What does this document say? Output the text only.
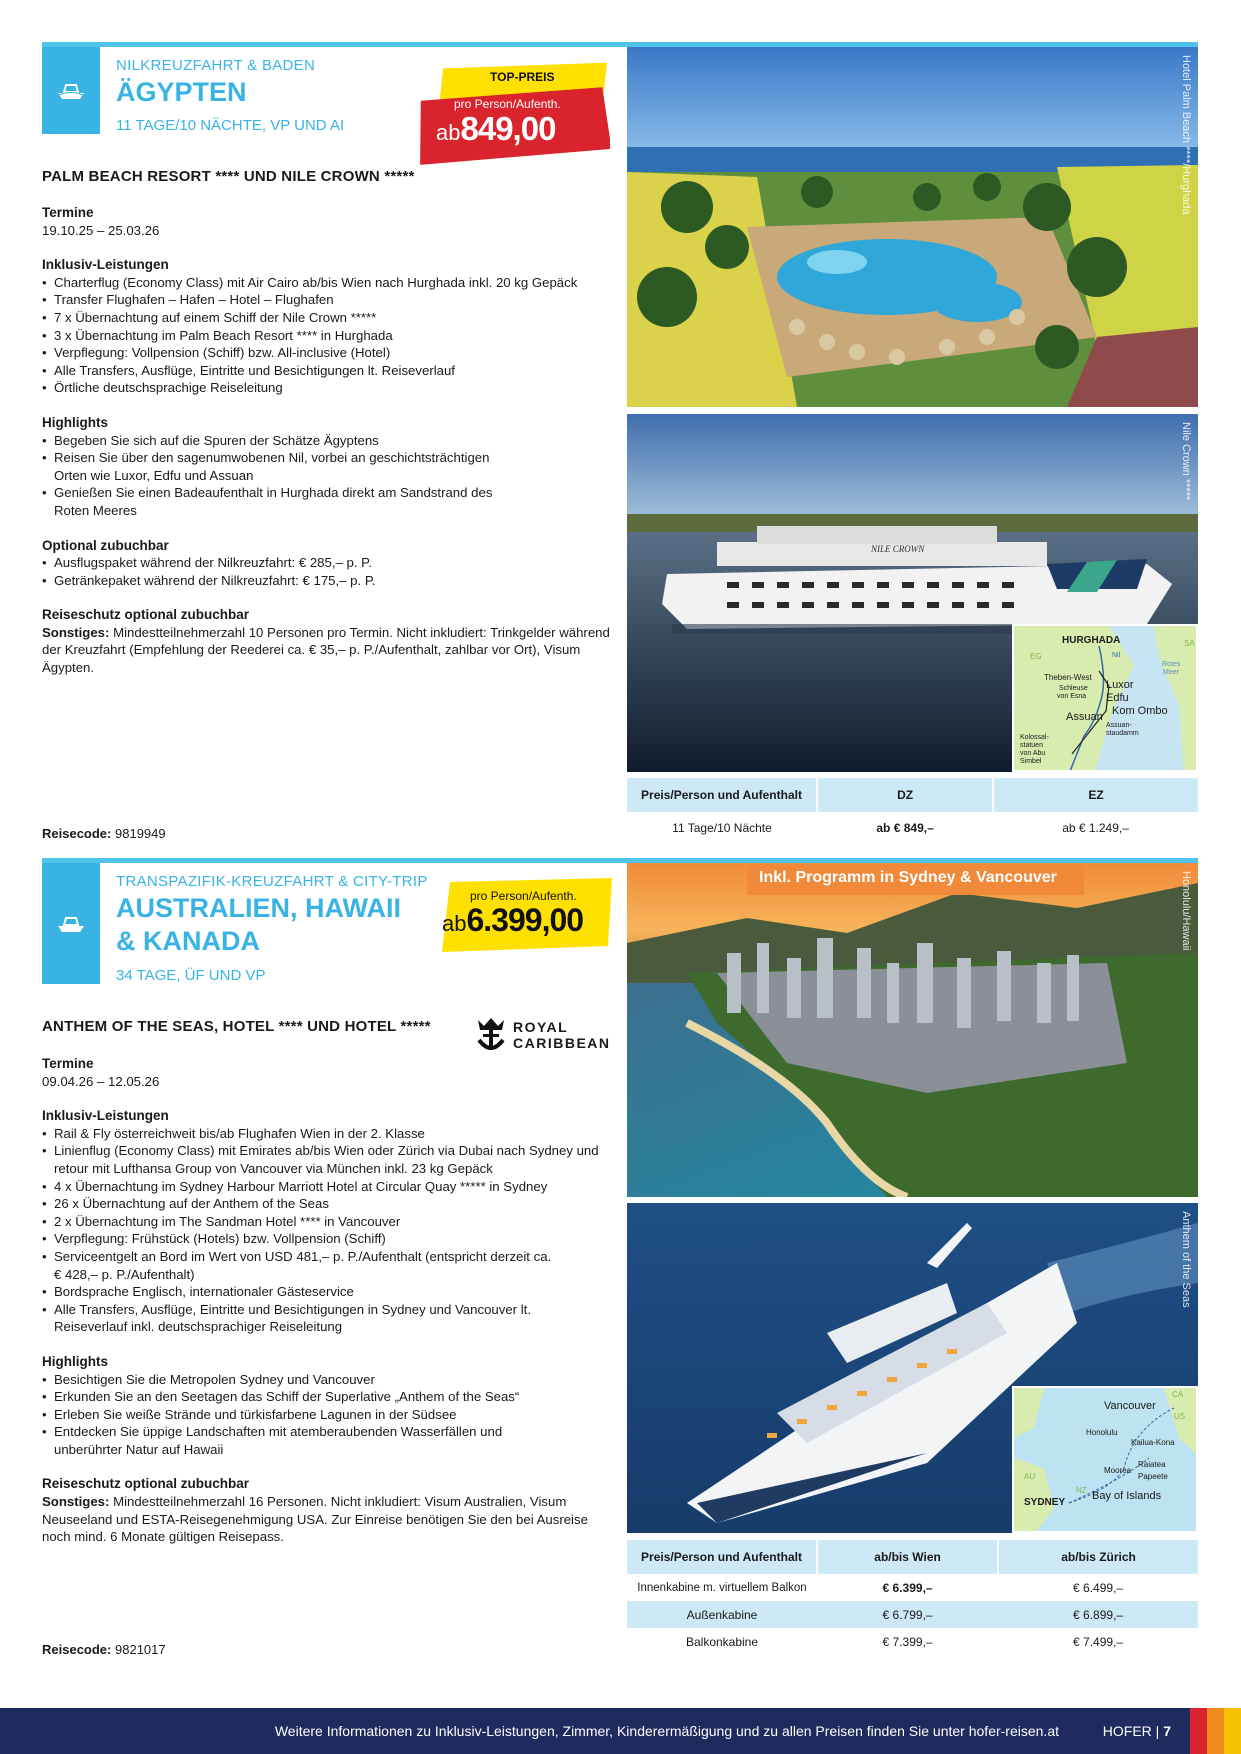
NILKREUZFAHRT & BADEN
ÄGYPTEN
11 TAGE/10 NÄCHTE, VP UND AI
TOP-PREIS
pro Person/Aufenth.
ab849,00
PALM BEACH RESORT **** UND NILE CROWN *****
Termine

19.10.25 – 25.03.26

Inklusiv-Leistungen
• Charterflug (Economy Class) mit Air Cairo ab/bis Wien nach Hurghada inkl. 20 kg Gepäck
• Transfer Flughafen – Hafen – Hotel – Flughafen
• 7 x Übernachtung auf einem Schiff der Nile Crown *****
• 3 x Übernachtung im Palm Beach Resort **** in Hurghada
• Verpflegung: Vollpension (Schiff) bzw. All-inclusive (Hotel)
• Alle Transfers, Ausflüge, Eintritte und Besichtigungen lt. Reiseverlauf
• Örtliche deutschsprachige Reiseleitung
Highlights
• Begeben Sie sich auf die Spuren der Schätze Ägyptens
• Reisen Sie über den sagenumwobenen Nil, vorbei an geschichtsträchtigen Orten wie Luxor, Edfu und Assuan
• Genießen Sie einen Badeaufenthalt in Hurghada direkt am Sandstrand des Roten Meeres
Optional zubuchbar
• Ausflugspaket während der Nilkreuzfahrt: € 285,– p. P.
• Getränkepaket während der Nilkreuzfahrt: € 175,– p. P.
Reiseschutz optional zubuchbar

Sonstiges: Mindestteilnehmerzahl 10 Personen pro Termin. Nicht inkludiert: Trinkgelder während der Kreuzfahrt (Empfehlung der Reederei ca. € 35,– p. P./Aufenthalt, zahlbar vor Ort), Visum Ägypten.

Reisecode: 9819949
Hotel Palm Beach ****/Hurghada
NILE CROWN
Nile Crown *****
HURGHADA
EG
SA
Nil
Rotes
Meer
Theben-West
Schleuse
von Esna
Luxor
Edfu
Kom Ombo
Assuan
Assuan-
staudamm
Kolossal-
statuen
von Abu
Simbel
Preis/Person und Aufenthalt	DZ	EZ
11 Tage/10 Nächte	ab € 849,–	ab € 1.249,–
TRANSPAZIFIK-KREUZFAHRT & CITY-TRIP
AUSTRALIEN, HAWAII
& KANADA
34 TAGE, ÜF UND VP
pro Person/Aufenth.
ab6.399,00
ANTHEM OF THE SEAS, HOTEL **** UND HOTEL *****	ROYAL
CARIBBEAN
Termine

09.04.26 – 12.05.26

Inklusiv-Leistungen
• Rail & Fly österreichweit bis/ab Flughafen Wien in der 2. Klasse
• Linienflug (Economy Class) mit Emirates ab/bis Wien oder Zürich via Dubai nach Sydney und retour mit Lufthansa Group von Vancouver via München inkl. 23 kg Gepäck
• 4 x Übernachtung im Sydney Harbour Marriott Hotel at Circular Quay ***** in Sydney
• 26 x Übernachtung auf der Anthem of the Seas
• 2 x Übernachtung im The Sandman Hotel **** in Vancouver
• Verpflegung: Frühstück (Hotels) bzw. Vollpension (Schiff)
• Serviceentgelt an Bord im Wert von USD 481,– p. P./Aufenthalt (entspricht derzeit ca. € 428,– p. P./Aufenthalt)
• Bordsprache Englisch, internationaler Gästeservice
• Alle Transfers, Ausflüge, Eintritte und Besichtigungen in Sydney und Vancouver lt. Reiseverlauf inkl. deutschsprachiger Reiseleitung
Highlights
• Besichtigen Sie die Metropolen Sydney und Vancouver
• Erkunden Sie an den Seetagen das Schiff der Superlative „Anthem of the Seas“
• Erleben Sie weiße Strände und türkisfarbene Lagunen in der Südsee
• Entdecken Sie üppige Landschaften mit atemberaubenden Wasserfällen und unberührter Natur auf Hawaii
Reiseschutz optional zubuchbar

Sonstiges: Mindestteilnehmerzahl 16 Personen. Nicht inkludiert: Visum Australien, Visum Neuseeland und ESTA-Reisegenehmigung USA. Zur Einreise benötigen Sie den bei Ausreise noch mind. 6 Monate gültigen Reisepass.

Reisecode: 9821017
Inkl. Programm in Sydney & Vancouver	Honolulu/Hawaii
Anthem of the Seas
Vancouver
CA
US
Honolulu
Kailua-Kona
Raiatea
Moorea
Papeete
AU
NZ
SYDNEY
Bay of Islands
Preis/Person und Aufenthalt	ab/bis Wien	ab/bis Zürich
Innenkabine m. virtuellem Balkon	€ 6.399,–	€ 6.499,–
Außenkabine	€ 6.799,–	€ 6.899,–
Balkonkabine	€ 7.399,–	€ 7.499,–
Weitere Informationen zu Inklusiv-Leistungen, Zimmer, Kinderermäßigung und zu allen Preisen finden Sie unter hofer-reisen.at	HOFER | 7
